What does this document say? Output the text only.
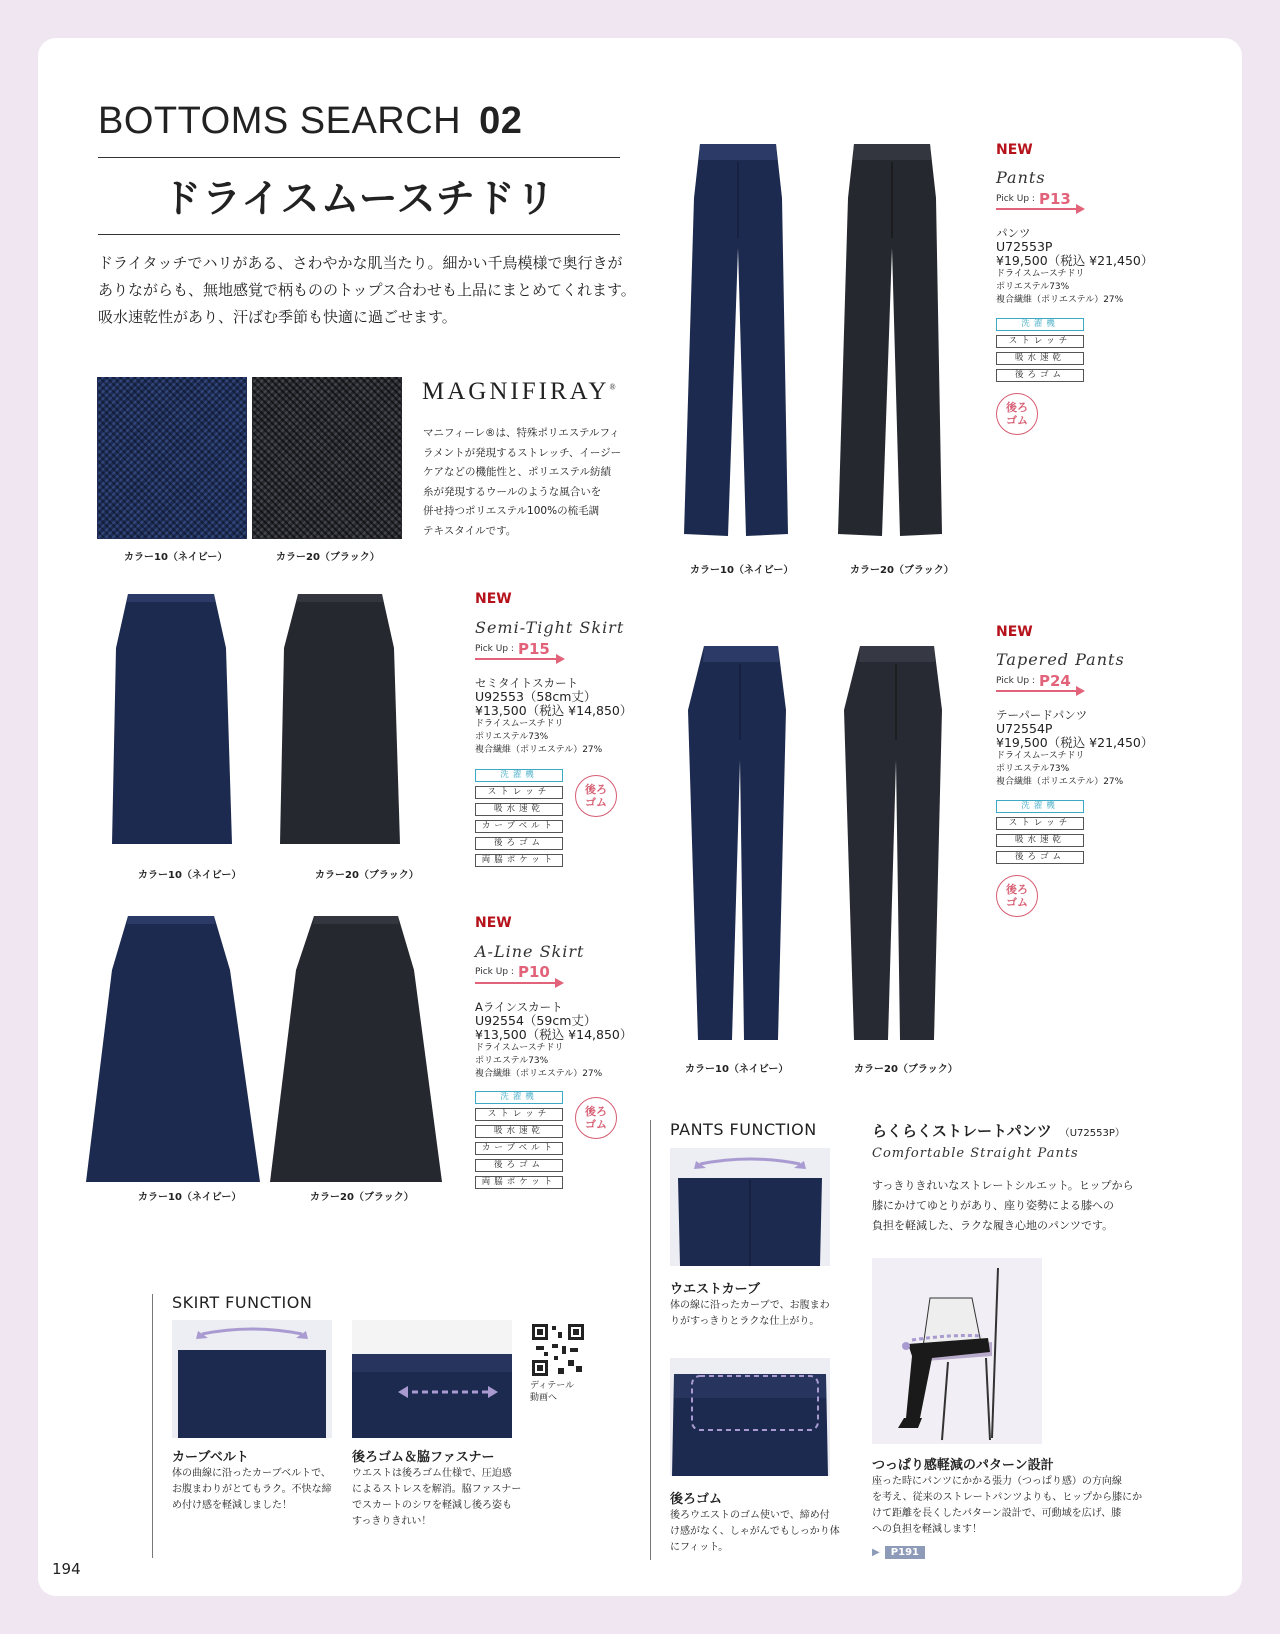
BOTTOMS SEARCH 02
ドライスムースチドリ
ドライタッチでハリがある、さわやかな肌当たり。細かい千鳥模様で奥行きが
ありながらも、無地感覚で柄もののトップス合わせも上品にまとめてくれます。
吸水速乾性があり、汗ばむ季節も快適に過ごせます。
カラー10（ネイビー）	カラー20（ブラック）
MAGNIFIRAY®
マニフィーレ®は、特殊ポリエステルフィ
ラメントが発現するストレッチ、イージー
ケアなどの機能性と、ポリエステル紡績
糸が発現するウールのような風合いを
併せ持つポリエステル100%の梳毛調
テキスタイルです。
カラー10（ネイビー）	カラー20（ブラック）
NEW
Pants
Pick Up : P13
パンツ
U72553P
¥19,500（税込 ¥21,450）
ドライスムースチドリ
ポリエステル73%
複合繊維（ポリエステル）27%
洗濯機
ストレッチ
吸水速乾
後ろゴム
後ろ
ゴム
カラー10（ネイビー）	カラー20（ブラック）
NEW
Semi-Tight Skirt
Pick Up : P15
セミタイトスカート
U92553（58cm丈）
¥13,500（税込 ¥14,850）
ドライスムースチドリ
ポリエステル73%
複合繊維（ポリエステル）27%
洗濯機
ストレッチ
吸水速乾
カーブベルト
後ろゴム
両脇ポケット
後ろ
ゴム
カラー10（ネイビー）	カラー20（ブラック）
NEW
A-Line Skirt
Pick Up : P10
Aラインスカート
U92554（59cm丈）
¥13,500（税込 ¥14,850）
ドライスムースチドリ
ポリエステル73%
複合繊維（ポリエステル）27%
洗濯機
ストレッチ
吸水速乾
カーブベルト
後ろゴム
両脇ポケット
後ろ
ゴム
カラー10（ネイビー）	カラー20（ブラック）
NEW
Tapered Pants
Pick Up : P24
テーパードパンツ
U72554P
¥19,500（税込 ¥21,450）
ドライスムースチドリ
ポリエステル73%
複合繊維（ポリエステル）27%
洗濯機
ストレッチ
吸水速乾
後ろゴム
後ろ
ゴム
SKIRT FUNCTION
ディテール
動画へ
カーブベルト
体の曲線に沿ったカーブベルトで、
お腹まわりがとてもラク。不快な締
め付け感を軽減しました！
後ろゴム＆脇ファスナー
ウエストは後ろゴム仕様で、圧迫感
によるストレスを解消。脇ファスナー
でスカートのシワを軽減し後ろ姿も
すっきりきれい！
PANTS FUNCTION
ウエストカーブ
体の線に沿ったカーブで、お腹まわ
りがすっきりとラクな仕上がり。
後ろゴム
後ろウエストのゴム使いで、締め付
け感がなく、しゃがんでもしっかり体
にフィット。
らくらくストレートパンツ （U72553P）
Comfortable Straight Pants
すっきりきれいなストレートシルエット。ヒップから
膝にかけてゆとりがあり、座り姿勢による膝への
負担を軽減した、ラクな履き心地のパンツです。
つっぱり感軽減のパターン設計
座った時にパンツにかかる張力（つっぱり感）の方向線
を考え、従来のストレートパンツよりも、ヒップから膝にか
けて距離を長くしたパターン設計で、可動域を広げ、膝
への負担を軽減します！
▶ P191
194
